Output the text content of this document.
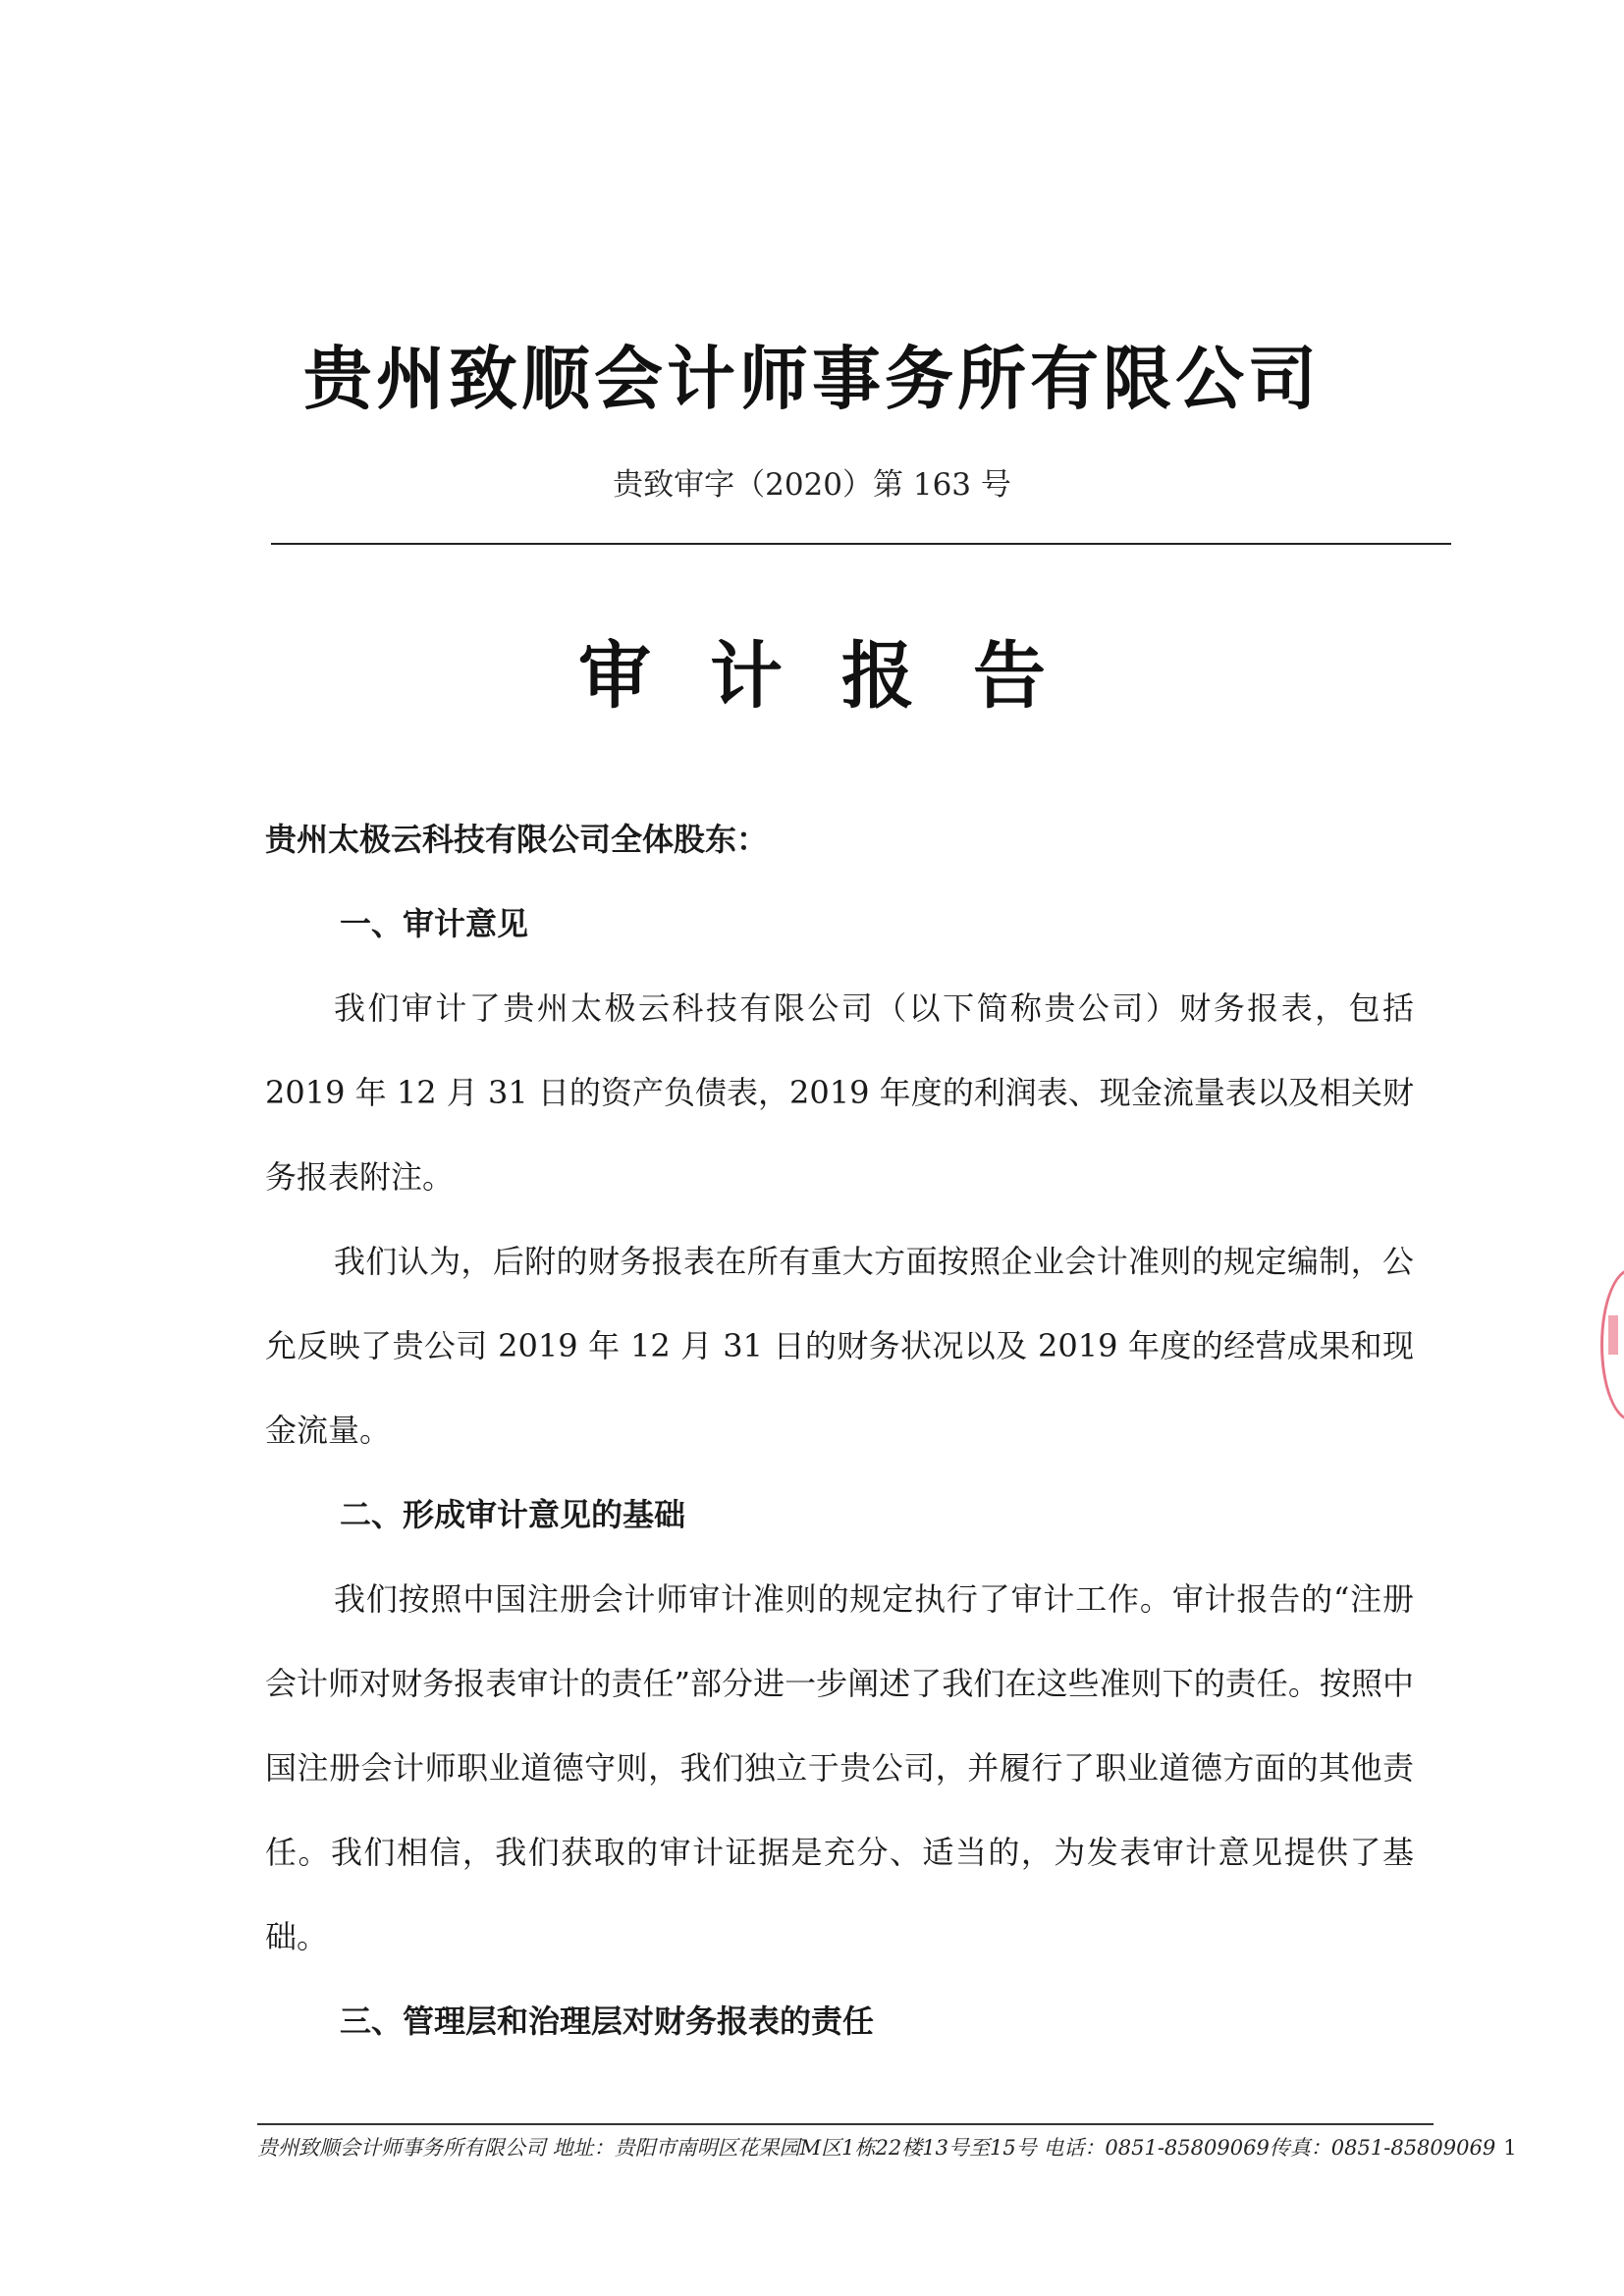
贵州致顺会计师事务所有限公司
贵致审字（2020）第 163 号
审计报告
贵州太极云科技有限公司全体股东：
一、审计意见
我们审计了贵州太极云科技有限公司（以下简称贵公司）财务报表，包括 2019 年 12 月 31 日的资产负债表，2019 年度的利润表、现金流量表以及相关财务报表附注。
我们认为，后附的财务报表在所有重大方面按照企业会计准则的规定编制，公允反映了贵公司 2019 年 12 月 31 日的财务状况以及 2019 年度的经营成果和现金流量。
二、形成审计意见的基础
我们按照中国注册会计师审计准则的规定执行了审计工作。审计报告的“注册会计师对财务报表审计的责任”部分进一步阐述了我们在这些准则下的责任。按照中国注册会计师职业道德守则，我们独立于贵公司，并履行了职业道德方面的其他责任。我们相信，我们获取的审计证据是充分、适当的，为发表审计意见提供了基础。
三、管理层和治理层对财务报表的责任
贵州致顺会计师事务所有限公司 地址：贵阳市南明区花果园M区1栋22楼13号至15号 电话：0851-85809069传真：0851-85809069 1
